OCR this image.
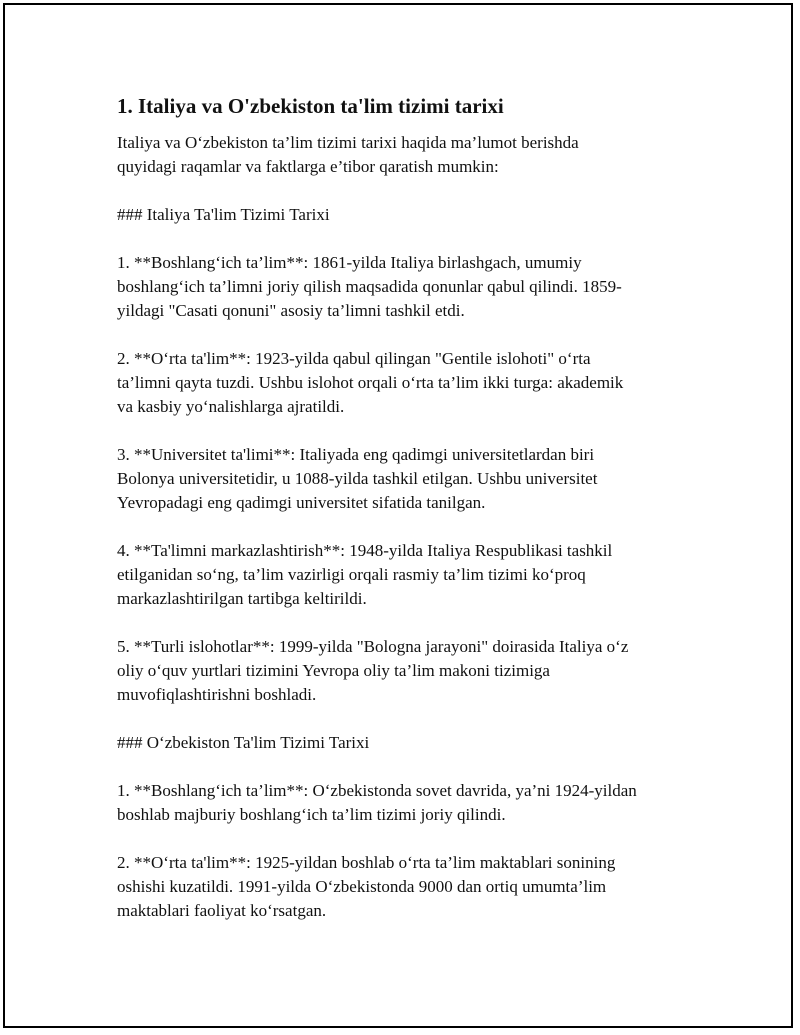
1. Italiya va O'zbekiston ta'lim tizimi tarixi
Italiya va O‘zbekiston ta’lim tizimi tarixi haqida ma’lumot berishda
quyidagi raqamlar va faktlarga e’tibor qaratish mumkin:
### Italiya Ta'lim Tizimi Tarixi
1. **Boshlang‘ich ta’lim**: 1861-yilda Italiya birlashgach, umumiy
boshlang‘ich ta’limni joriy qilish maqsadida qonunlar qabul qilindi. 1859-
yildagi "Casati qonuni" asosiy ta’limni tashkil etdi.
2. **O‘rta ta'lim**: 1923-yilda qabul qilingan "Gentile islohoti" o‘rta
ta’limni qayta tuzdi. Ushbu islohot orqali o‘rta ta’lim ikki turga: akademik
va kasbiy yo‘nalishlarga ajratildi.
3. **Universitet ta'limi**: Italiyada eng qadimgi universitetlardan biri
Bolonya universitetidir, u 1088-yilda tashkil etilgan. Ushbu universitet
Yevropadagi eng qadimgi universitet sifatida tanilgan.
4. **Ta'limni markazlashtirish**: 1948-yilda Italiya Respublikasi tashkil
etilganidan so‘ng, ta’lim vazirligi orqali rasmiy ta’lim tizimi ko‘proq
markazlashtirilgan tartibga keltirildi.
5. **Turli islohotlar**: 1999-yilda "Bologna jarayoni" doirasida Italiya o‘z
oliy o‘quv yurtlari tizimini Yevropa oliy ta’lim makoni tizimiga
muvofiqlashtirishni boshladi.
### O‘zbekiston Ta'lim Tizimi Tarixi
1. **Boshlang‘ich ta’lim**: O‘zbekistonda sovet davrida, ya’ni 1924-yildan
boshlab majburiy boshlang‘ich ta’lim tizimi joriy qilindi.
2. **O‘rta ta'lim**: 1925-yildan boshlab o‘rta ta’lim maktablari sonining
oshishi kuzatildi. 1991-yilda O‘zbekistonda 9000 dan ortiq umumta’lim
maktablari faoliyat ko‘rsatgan.
